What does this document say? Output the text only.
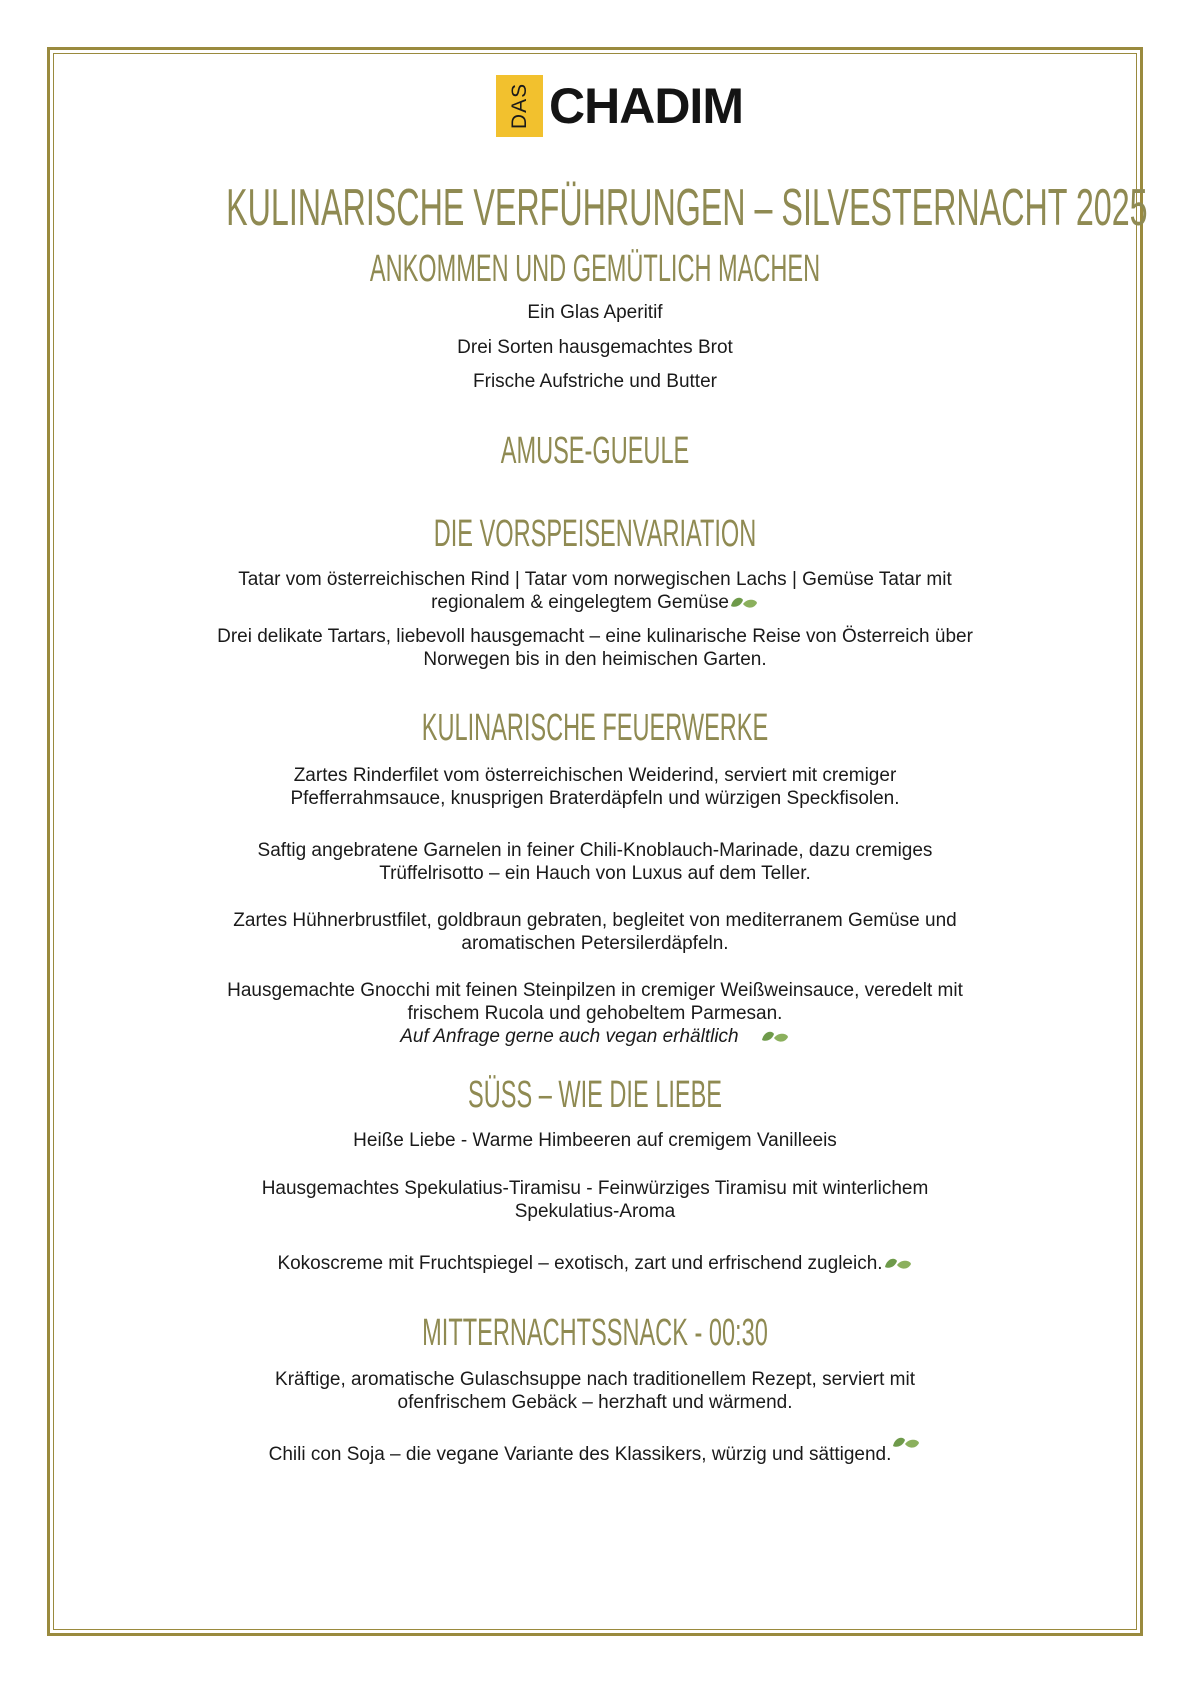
DAS CHADIM
KULINARISCHE VERFÜHRUNGEN – SILVESTERNACHT 2025
ANKOMMEN UND GEMÜTLICH MACHEN
Ein Glas Aperitif
Drei Sorten hausgemachtes Brot
Frische Aufstriche und Butter
AMUSE-GUEULE
DIE VORSPEISENVARIATION
Tatar vom österreichischen Rind | Tatar vom norwegischen Lachs | Gemüse Tatar mit
regionalem & eingelegtem Gemüse
Drei delikate Tartars, liebevoll hausgemacht – eine kulinarische Reise von Österreich über
Norwegen bis in den heimischen Garten.
KULINARISCHE FEUERWERKE
Zartes Rinderfilet vom österreichischen Weiderind, serviert mit cremiger
Pfefferrahmsauce, knusprigen Braterdäpfeln und würzigen Speckfisolen.
Saftig angebratene Garnelen in feiner Chili-Knoblauch-Marinade, dazu cremiges
Trüffelrisotto – ein Hauch von Luxus auf dem Teller.
Zartes Hühnerbrustfilet, goldbraun gebraten, begleitet von mediterranem Gemüse und
aromatischen Petersilerdäpfeln.
Hausgemachte Gnocchi mit feinen Steinpilzen in cremiger Weißweinsauce, veredelt mit
frischem Rucola und gehobeltem Parmesan.
Auf Anfrage gerne auch vegan erhältlich
SÜSS – WIE DIE LIEBE
Heiße Liebe - Warme Himbeeren auf cremigem Vanilleeis
Hausgemachtes Spekulatius-Tiramisu - Feinwürziges Tiramisu mit winterlichem
Spekulatius-Aroma
Kokoscreme mit Fruchtspiegel – exotisch, zart und erfrischend zugleich.
MITTERNACHTSSNACK - 00:30
Kräftige, aromatische Gulaschsuppe nach traditionellem Rezept, serviert mit
ofenfrischem Gebäck – herzhaft und wärmend.
Chili con Soja – die vegane Variante des Klassikers, würzig und sättigend.
